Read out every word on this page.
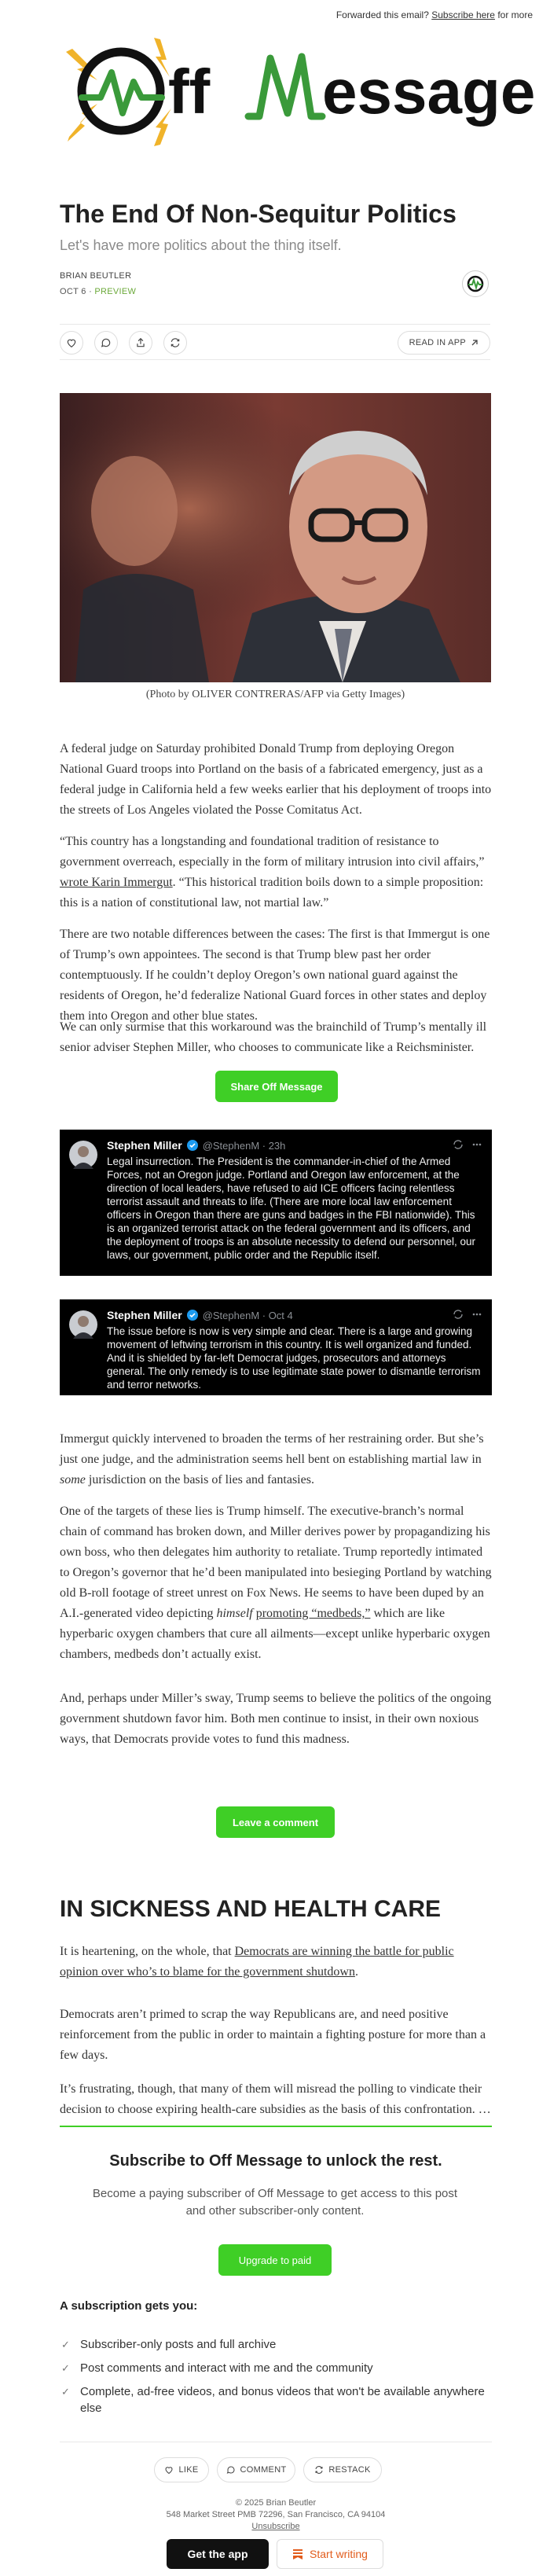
Forwarded this email? Subscribe here for more
ff essage
The End Of Non-Sequitur Politics
Let's have more politics about the thing itself.
BRIAN BEUTLER
OCT 6 · PREVIEW
READ IN APP
(Photo by OLIVER CONTRERAS/AFP via Getty Images)

A federal judge on Saturday prohibited Donald Trump from deploying Oregon National Guard troops into Portland on the basis of a fabricated emergency, just as a federal judge in California held a few weeks earlier that his deployment of troops into the streets of Los Angeles violated the Posse Comitatus Act.

“This country has a longstanding and foundational tradition of resistance to government overreach, especially in the form of military intrusion into civil affairs,” wrote Karin Immergut. “This historical tradition boils down to a simple proposition: this is a nation of constitutional law, not martial law.”

There are two notable differences between the cases: The first is that Immergut is one of Trump’s own appointees. The second is that Trump blew past her order contemptuously. If he couldn’t deploy Oregon’s own national guard against the residents of Oregon, he’d federalize National Guard forces in other states and deploy them into Oregon and other blue states.

We can only surmise that this workaround was the brainchild of Trump’s mentally ill senior adviser Stephen Miller, who chooses to communicate like a Reichsminister.

Share Off Message
Stephen Miller @StephenM · 23h
Legal insurrection. The President is the commander-in-chief of the Armed Forces, not an Oregon judge. Portland and Oregon law enforcement, at the direction of local leaders, have refused to aid ICE officers facing relentless terrorist assault and threats to life. (There are more local law enforcement officers in Oregon than there are guns and badges in the FBI nationwide). This is an organized terrorist attack on the federal government and its officers, and the deployment of troops is an absolute necessity to defend our personnel, our laws, our government, public order and the Republic itself.
Stephen Miller @StephenM · Oct 4
The issue before is now is very simple and clear. There is a large and growing movement of leftwing terrorism in this country. It is well organized and funded. And it is shielded by far-left Democrat judges, prosecutors and attorneys general. The only remedy is to use legitimate state power to dismantle terrorism and terror networks.

Immergut quickly intervened to broaden the terms of her restraining order. But she’s just one judge, and the administration seems hell bent on establishing martial law in some jurisdiction on the basis of lies and fantasies.

One of the targets of these lies is Trump himself. The executive-branch’s normal chain of command has broken down, and Miller derives power by propagandizing his own boss, who then delegates him authority to retaliate. Trump reportedly intimated to Oregon’s governor that he’d been manipulated into besieging Portland by watching old B-roll footage of street unrest on Fox News. He seems to have been duped by an A.I.-generated video depicting himself promoting “medbeds,” which are like hyperbaric oxygen chambers that cure all ailments—except unlike hyperbaric oxygen chambers, medbeds don’t actually exist.

And, perhaps under Miller’s sway, Trump seems to believe the politics of the ongoing government shutdown favor him. Both men continue to insist, in their own noxious ways, that Democrats provide votes to fund this madness.

Leave a comment
IN SICKNESS AND HEALTH CARE

It is heartening, on the whole, that Democrats are winning the battle for public opinion over who’s to blame for the government shutdown.

Democrats aren’t primed to scrap the way Republicans are, and need positive reinforcement from the public in order to maintain a fighting posture for more than a few days.

It’s frustrating, though, that many of them will misread the polling to vindicate their decision to choose expiring health-care subsidies as the basis of this confrontation. …

Subscribe to Off Message to unlock the rest.
Become a paying subscriber of Off Message to get access to this post and other subscriber-only content.
Upgrade to paid
A subscription gets you:
✓ Subscriber-only posts and full archive
✓ Post comments and interact with me and the community
✓ Complete, ad-free videos, and bonus videos that won't be available anywhere else
LIKE	COMMENT	RESTACK
© 2025 Brian Beutler
548 Market Street PMB 72296, San Francisco, CA 94104
Unsubscribe
Get the app	Start writing
